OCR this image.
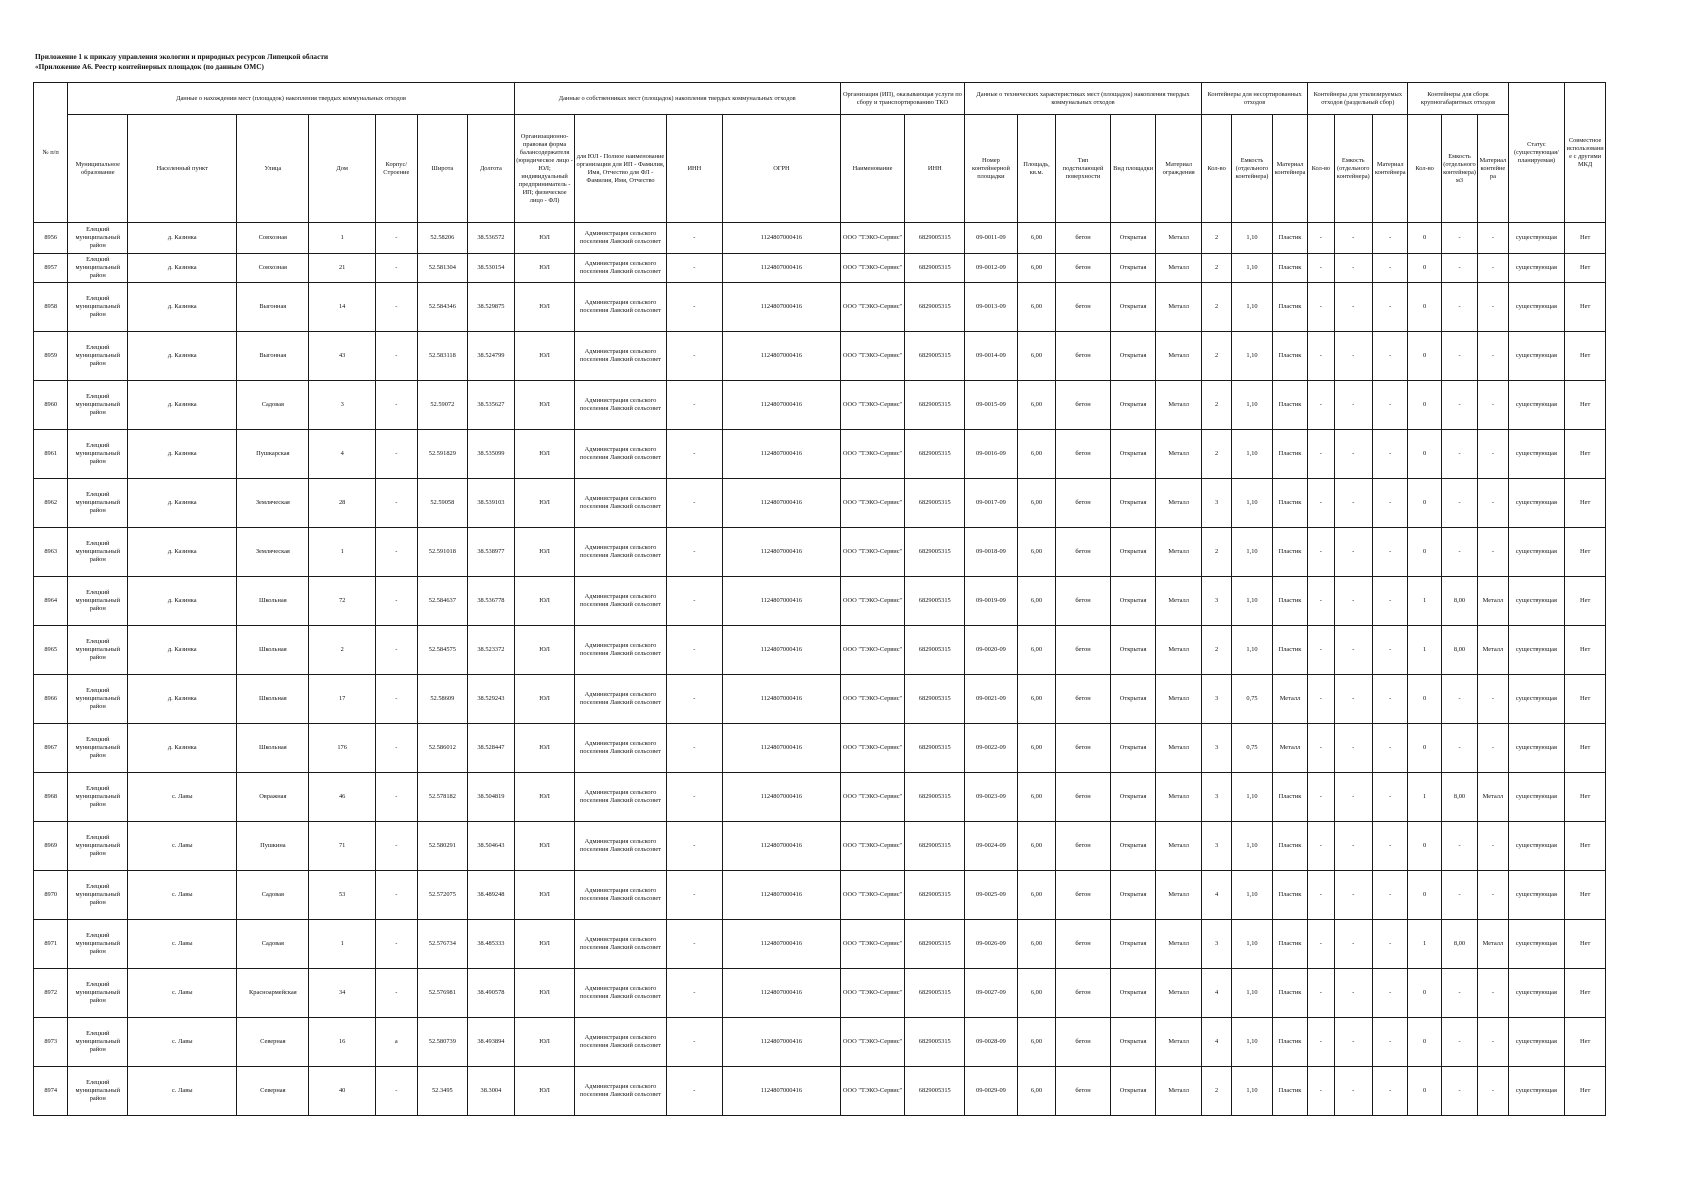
Приложение 1 к приказу управления экологии и природных ресурсов Липецкой области
«Приложение А6. Реестр контейнерных площадок (по данным ОМС)
№ п/п	Данные о нахождении мест (площадок) накопления твердых коммунальных отходов							Данные о собственниках мест (площадок) накопления твердых коммунальных отходов				Организация (ИП), оказывающая услуги по сбору и транспортированию ТКО		Данные о технических характеристиках мест (площадок) накопления твердых коммунальных отходов					Контейнеры для несортированных отходов			Контейнеры для утилизируемых отходов (раздельный сбор)			Контейнеры для сборк крупногабаритных отходов			Статус (существующая/планируемая)	Совместное использование с другими МКД
	Муниципальное образование	Населенный пункт	Улица	Дом	Корпус/Строение	Широта	Долгота	Организационно-правовая форма балансодержателя (юридическое лицо - ЮЛ; индивидуальный предприниматель - ИП; физическое лицо - ФЛ)	для ЮЛ - Полное наименование организации для ИП - Фамилия, Имя, Отчество для ФЛ - Фамилия, Имя, Отчество	ИНН	ОГРН	Наименование	ИНН	Номер контейнерной площадки	Площадь, кв.м.	Тип подстилающей поверхности	Вид площадки	Материал ограждения	Кол-во	Емкость (отдельного контейнера)	Материал контейнера	Кол-во	Емкость (отдельного контейнера)	Материал контейнера	Кол-во	Емкость (отдельного контейнера) м3	Материал контейнера		
8956	Елецкий муниципальный район	д. Казинка	Совхозная	1	-	52.58206	38.536572	ЮЛ	Администрация сельского поселения Лавский сельсовет	-	1124807000416	ООО "ТЭКО-Сервис"	6829005315	09-0011-09	6,00	бетон	Открытая	Металл	2	1,10	Пластик	-	-	-	0	-	-	существующая	Нет
8957	Елецкий муниципальный район	д. Казинка	Совхозная	21	-	52.581304	38.530154	ЮЛ	Администрация сельского поселения Лавский сельсовет	-	1124807000416	ООО "ТЭКО-Сервис"	6829005315	09-0012-09	6,00	бетон	Открытая	Металл	2	1,10	Пластик	-	-	-	0	-	-	существующая	Нет
8958	Елецкий муниципальный район	д. Казинка	Выгонная	14	-	52.584346	38.529875	ЮЛ	Администрация сельского поселения Лавский сельсовет	-	1124807000416	ООО "ТЭКО-Сервис"	6829005315	09-0013-09	6,00	бетон	Открытая	Металл	2	1,10	Пластик	-	-	-	0	-	-	существующая	Нет
8959	Елецкий муниципальный район	д. Казинка	Выгонная	43	-	52.583118	38.524799	ЮЛ	Администрация сельского поселения Лавский сельсовет	-	1124807000416	ООО "ТЭКО-Сервис"	6829005315	09-0014-09	6,00	бетон	Открытая	Металл	2	1,10	Пластик	-	-	-	0	-	-	существующая	Нет
8960	Елецкий муниципальный район	д. Казинка	Садовая	3	-	52.59072	38.535627	ЮЛ	Администрация сельского поселения Лавский сельсовет	-	1124807000416	ООО "ТЭКО-Сервис"	6829005315	09-0015-09	6,00	бетон	Открытая	Металл	2	1,10	Пластик	-	-	-	0	-	-	существующая	Нет
8961	Елецкий муниципальный район	д. Казинка	Пушкарская	4	-	52.591829	38.535099	ЮЛ	Администрация сельского поселения Лавский сельсовет	-	1124807000416	ООО "ТЭКО-Сервис"	6829005315	09-0016-09	6,00	бетон	Открытая	Металл	2	1,10	Пластик	-	-	-	0	-	-	существующая	Нет
8962	Елецкий муниципальный район	д. Казинка	Земляческая	28	-	52.59058	38.539103	ЮЛ	Администрация сельского поселения Лавский сельсовет	-	1124807000416	ООО "ТЭКО-Сервис"	6829005315	09-0017-09	6,00	бетон	Открытая	Металл	3	1,10	Пластик	-	-	-	0	-	-	существующая	Нет
8963	Елецкий муниципальный район	д. Казинка	Земляческая	1	-	52.591018	38.538977	ЮЛ	Администрация сельского поселения Лавский сельсовет	-	1124807000416	ООО "ТЭКО-Сервис"	6829005315	09-0018-09	6,00	бетон	Открытая	Металл	2	1,10	Пластик	-	-	-	0	-	-	существующая	Нет
8964	Елецкий муниципальный район	д. Казинка	Школьная	72	-	52.584637	38.536778	ЮЛ	Администрация сельского поселения Лавский сельсовет	-	1124807000416	ООО "ТЭКО-Сервис"	6829005315	09-0019-09	6,00	бетон	Открытая	Металл	3	1,10	Пластик	-	-	-	1	8,00	Металл	существующая	Нет
8965	Елецкий муниципальный район	д. Казинка	Школьная	2	-	52.584575	38.523372	ЮЛ	Администрация сельского поселения Лавский сельсовет	-	1124807000416	ООО "ТЭКО-Сервис"	6829005315	09-0020-09	6,00	бетон	Открытая	Металл	2	1,10	Пластик	-	-	-	1	8,00	Металл	существующая	Нет
8966	Елецкий муниципальный район	д. Казинка	Школьная	17	-	52.58609	38.529243	ЮЛ	Администрация сельского поселения Лавский сельсовет	-	1124807000416	ООО "ТЭКО-Сервис"	6829005315	09-0021-09	6,00	бетон	Открытая	Металл	3	0,75	Металл	-	-	-	0	-	-	существующая	Нет
8967	Елецкий муниципальный район	д. Казинка	Школьная	176	-	52.586012	38.528447	ЮЛ	Администрация сельского поселения Лавский сельсовет	-	1124807000416	ООО "ТЭКО-Сервис"	6829005315	09-0022-09	6,00	бетон	Открытая	Металл	3	0,75	Металл	-	-	-	0	-	-	существующая	Нет
8968	Елецкий муниципальный район	с. Лавы	Овражная	46	-	52.578182	38.504819	ЮЛ	Администрация сельского поселения Лавский сельсовет	-	1124807000416	ООО "ТЭКО-Сервис"	6829005315	09-0023-09	6,00	бетон	Открытая	Металл	3	1,10	Пластик	-	-	-	1	8,00	Металл	существующая	Нет
8969	Елецкий муниципальный район	с. Лавы	Пушкина	71	-	52.580291	38.504643	ЮЛ	Администрация сельского поселения Лавский сельсовет	-	1124807000416	ООО "ТЭКО-Сервис"	6829005315	09-0024-09	6,00	бетон	Открытая	Металл	3	1,10	Пластик	-	-	-	0	-	-	существующая	Нет
8970	Елецкий муниципальный район	с. Лавы	Садовая	53	-	52.572075	38.489248	ЮЛ	Администрация сельского поселения Лавский сельсовет	-	1124807000416	ООО "ТЭКО-Сервис"	6829005315	09-0025-09	6,00	бетон	Открытая	Металл	4	1,10	Пластик	-	-	-	0	-	-	существующая	Нет
8971	Елецкий муниципальный район	с. Лавы	Садовая	1	-	52.576734	38.485333	ЮЛ	Администрация сельского поселения Лавский сельсовет	-	1124807000416	ООО "ТЭКО-Сервис"	6829005315	09-0026-09	6,00	бетон	Открытая	Металл	3	1,10	Пластик	-	-	-	1	8,00	Металл	существующая	Нет
8972	Елецкий муниципальный район	с. Лавы	Красноармейская	34	-	52.576981	38.490578	ЮЛ	Администрация сельского поселения Лавский сельсовет	-	1124807000416	ООО "ТЭКО-Сервис"	6829005315	09-0027-09	6,00	бетон	Открытая	Металл	4	1,10	Пластик	-	-	-	0	-	-	существующая	Нет
8973	Елецкий муниципальный район	с. Лавы	Северная	16	а	52.580739	38.493894	ЮЛ	Администрация сельского поселения Лавский сельсовет	-	1124807000416	ООО "ТЭКО-Сервис"	6829005315	09-0028-09	6,00	бетон	Открытая	Металл	4	1,10	Пластик	-	-	-	0	-	-	существующая	Нет
8974	Елецкий муниципальный район	с. Лавы	Северная	40	-	52.3495	38.3004	ЮЛ	Администрация сельского поселения Лавский сельсовет	-	1124807000416	ООО "ТЭКО-Сервис"	6829005315	09-0029-09	6,00	бетон	Открытая	Металл	2	1,10	Пластик	-	-	-	0	-	-	существующая	Нет
